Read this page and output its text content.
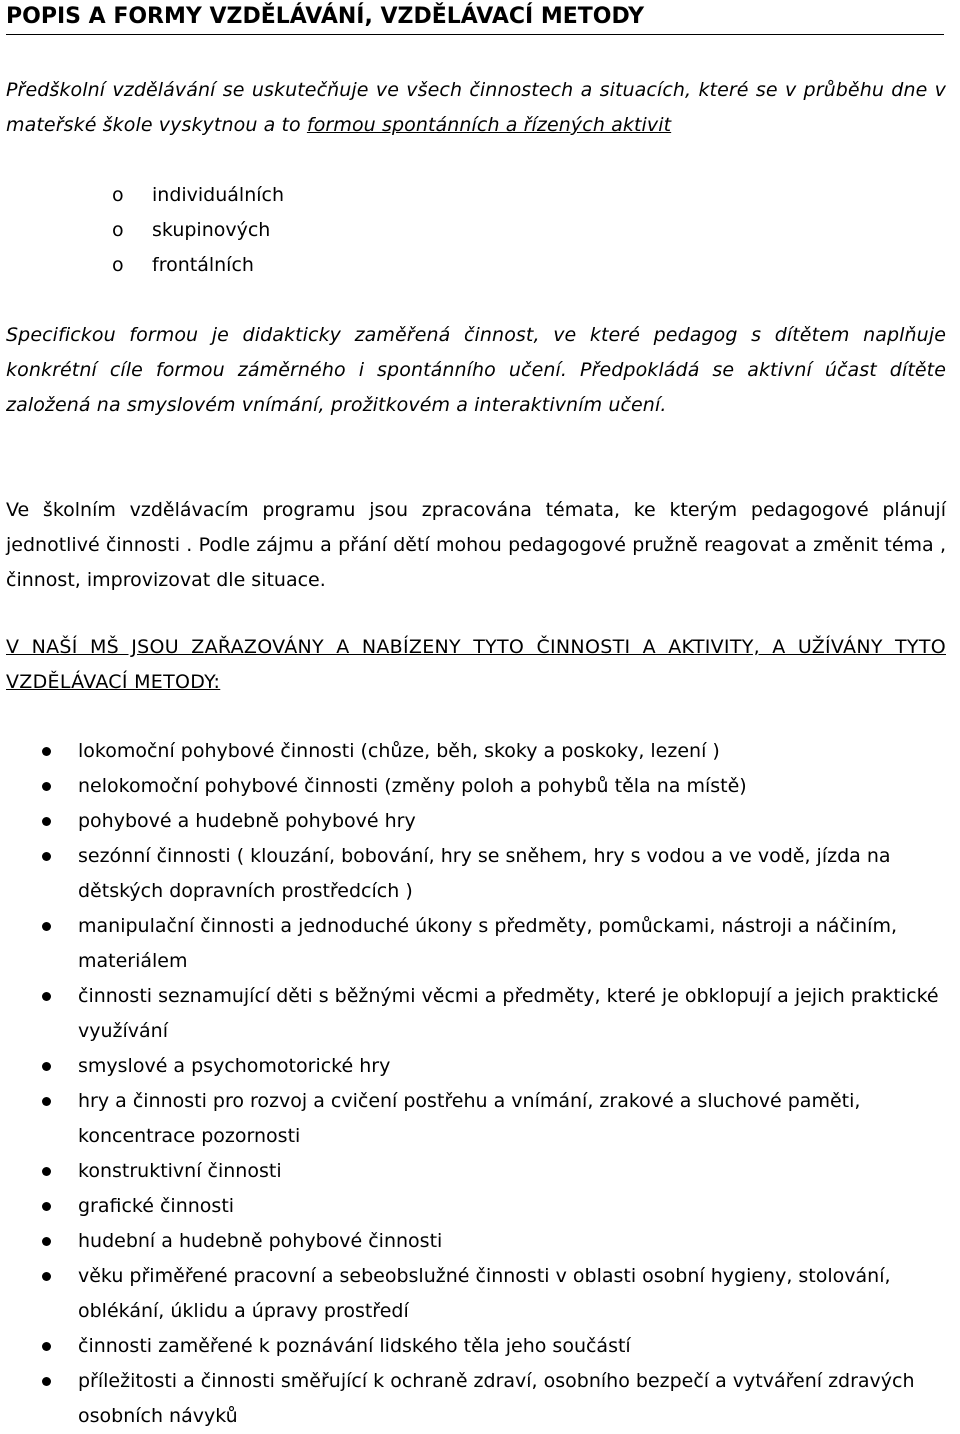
POPIS A FORMY VZDĚLÁVÁNÍ, VZDĚLÁVACÍ METODY

Předškolní vzdělávání se uskutečňuje ve všech činnostech a situacích, které se v průběhu dne v mateřské škole vyskytnou a to formou spontánních a řízených aktivit

o	individuálních
o	skupinových
o	frontálních

Specifickou formou je didakticky zaměřená činnost, ve které pedagog s dítětem naplňuje konkrétní cíle formou záměrného i spontánního učení. Předpokládá se aktivní účast dítěte založená na smyslovém vnímání, prožitkovém a interaktivním učení.

Ve školním vzdělávacím programu jsou zpracována témata, ke kterým pedagogové plánují jednotlivé činnosti . Podle zájmu a přání dětí mohou pedagogové pružně reagovat a změnit téma , činnost, improvizovat dle situace.

V NAŠÍ MŠ JSOU ZAŘAZOVÁNY A NABÍZENY TYTO ČINNOSTI A AKTIVITY, A UŽÍVÁNY TYTO VZDĚLÁVACÍ METODY:

lokomoční pohybové činnosti (chůze, běh, skoky a poskoky, lezení )
nelokomoční pohybové činnosti (změny poloh a pohybů těla na místě)
pohybové a hudebně pohybové hry
sezónní činnosti ( klouzání, bobování, hry se sněhem, hry s vodou a ve vodě, jízda na dětských dopravních prostředcích )
manipulační činnosti a jednoduché úkony s předměty, pomůckami, nástroji a náčiním, materiálem
činnosti seznamující děti s běžnými věcmi a předměty, které je obklopují a jejich praktické využívání
smyslové a psychomotorické hry
hry a činnosti pro rozvoj a cvičení postřehu a vnímání, zrakové a sluchové paměti, koncentrace pozornosti
konstruktivní činnosti
grafické činnosti
hudební a hudebně pohybové činnosti
věku přiměřené pracovní a sebeobslužné činnosti v oblasti osobní hygieny, stolování, oblékání, úklidu a úpravy prostředí
činnosti zaměřené k poznávání lidského těla jeho součástí
příležitosti a činnosti směřující k ochraně zdraví, osobního bezpečí a vytváření zdravých osobních návyků
